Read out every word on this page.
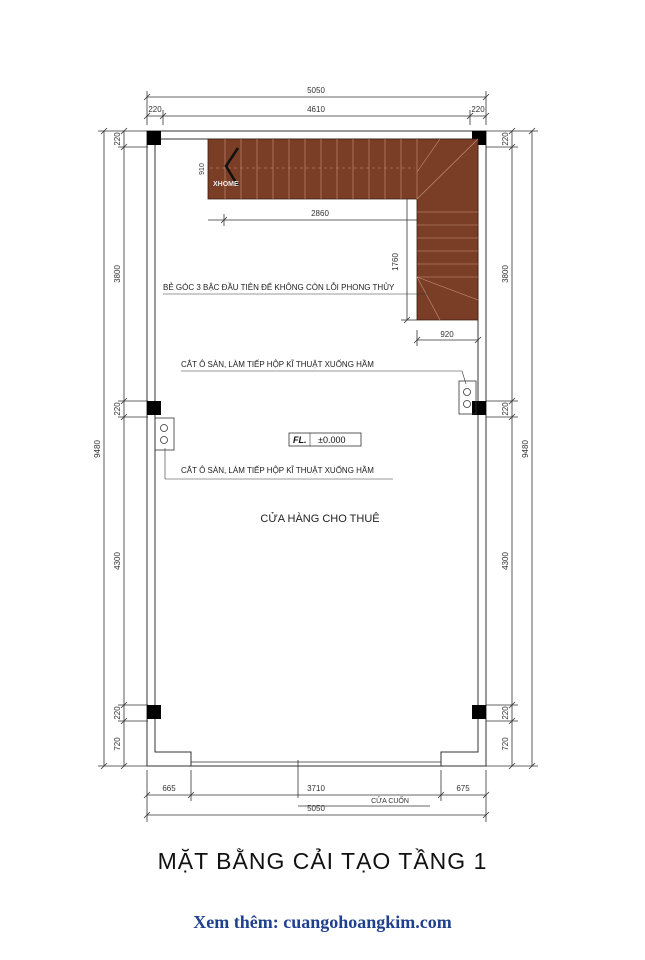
5050
220	4610	220
9480
220
3800
220
4300
220
720
9480
220
3800
220
4300
220
720
665	3710	675
5050
CỬA CUỐN
910
XHOME
2860
1760
920
BẺ GÓC 3 BẬC ĐẦU TIÊN ĐỂ KHÔNG CÒN LỖI PHONG THỦY
CẮT Ô SÀN, LÀM TIẾP HỘP KĨ THUẬT XUỐNG HẦM
CẮT Ô SÀN, LÀM TIẾP HỘP KĨ THUẬT XUỐNG HẦM
FL. ±0.000
CỬA HÀNG CHO THUÊ
MẶT BẰNG CẢI TẠO TẦNG 1
Xem thêm: cuangohoangkim.com
